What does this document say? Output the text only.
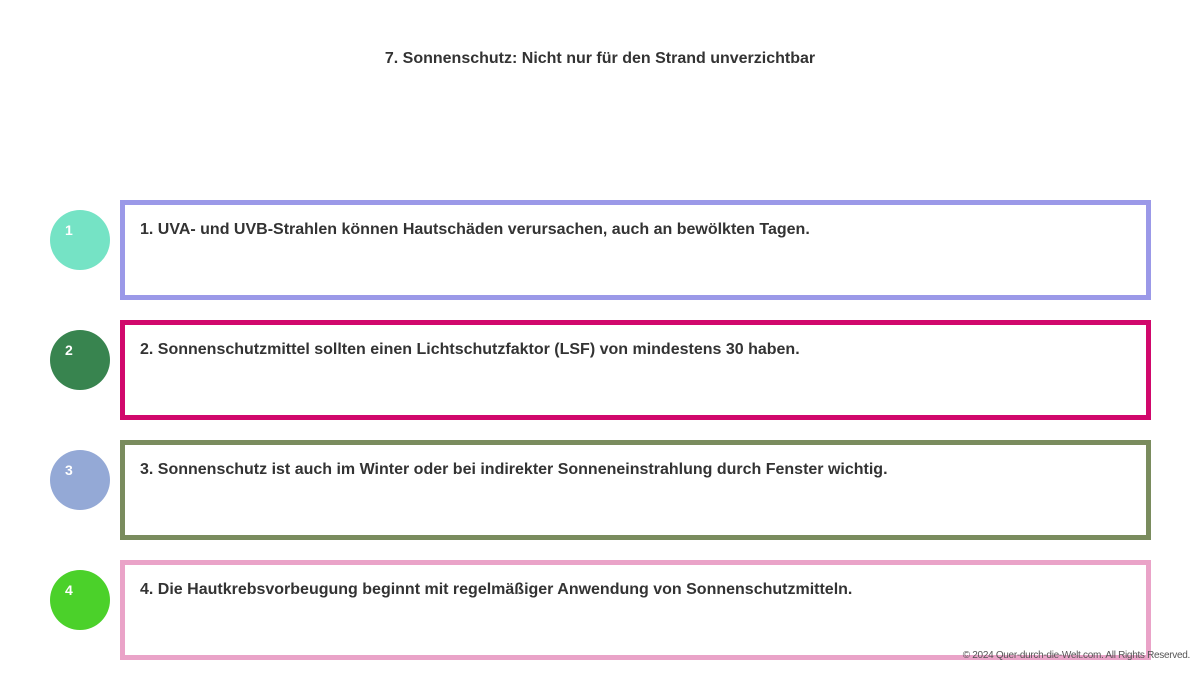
7. Sonnenschutz: Nicht nur für den Strand unverzichtbar
1	1. UVA- und UVB-Strahlen können Hautschäden verursachen, auch an bewölkten Tagen.
2	2. Sonnenschutzmittel sollten einen Lichtschutzfaktor (LSF) von mindestens 30 haben.
3	3. Sonnenschutz ist auch im Winter oder bei indirekter Sonneneinstrahlung durch Fenster wichtig.
4	4. Die Hautkrebsvorbeugung beginnt mit regelmäßiger Anwendung von Sonnenschutzmitteln.
© 2024 Quer-durch-die-Welt.com. All Rights Reserved.
